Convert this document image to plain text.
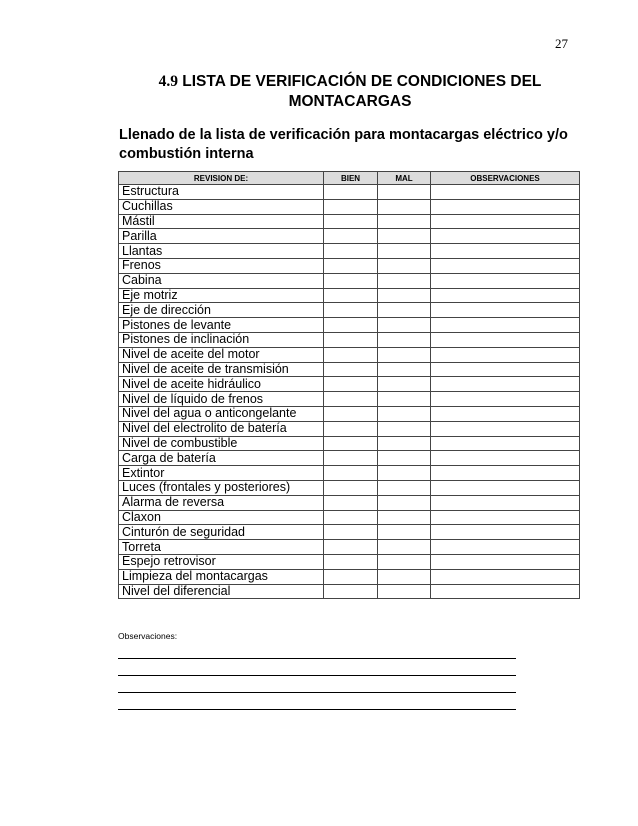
27
4.9 LISTA DE VERIFICACIÓN DE CONDICIONES DEL
MONTACARGAS
Llenado de la lista de verificación para montacargas eléctrico y/o
combustión interna
REVISION DE:	BIEN	MAL	OBSERVACIONES
Estructura			
Cuchillas			
Mástil			
Parilla			
Llantas			
Frenos			
Cabina			
Eje motriz			
Eje de dirección			
Pistones de levante			
Pistones de inclinación			
Nivel de aceite del motor			
Nivel de aceite de transmisión			
Nivel de aceite hidráulico			
Nivel de líquido de frenos			
Nivel del agua o anticongelante			
Nivel del electrolito de batería			
Nivel de combustible			
Carga de batería			
Extintor			
Luces (frontales y posteriores)			
Alarma de reversa			
Claxon			
Cinturón de seguridad			
Torreta			
Espejo retrovisor			
Limpieza del montacargas			
Nivel del diferencial			
Observaciones:
